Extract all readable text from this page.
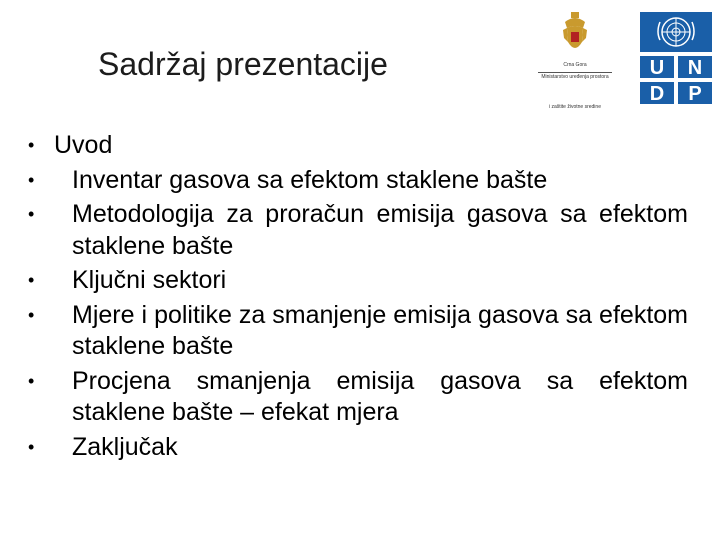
Sadržaj prezentacije	Crna Gora
Ministarstvo uređenja prostora
i zaštite životne sredine
U N
D P
• Uvod
• Inventar gasova sa efektom staklene bašte
• Metodologija za proračun emisija gasova sa efektom staklene bašte
• Ključni sektori
• Mjere i politike za smanjenje emisija gasova sa efektom staklene bašte
• Procjena smanjenja emisija gasova sa efektom staklene bašte – efekat mjera
• Zaključak
